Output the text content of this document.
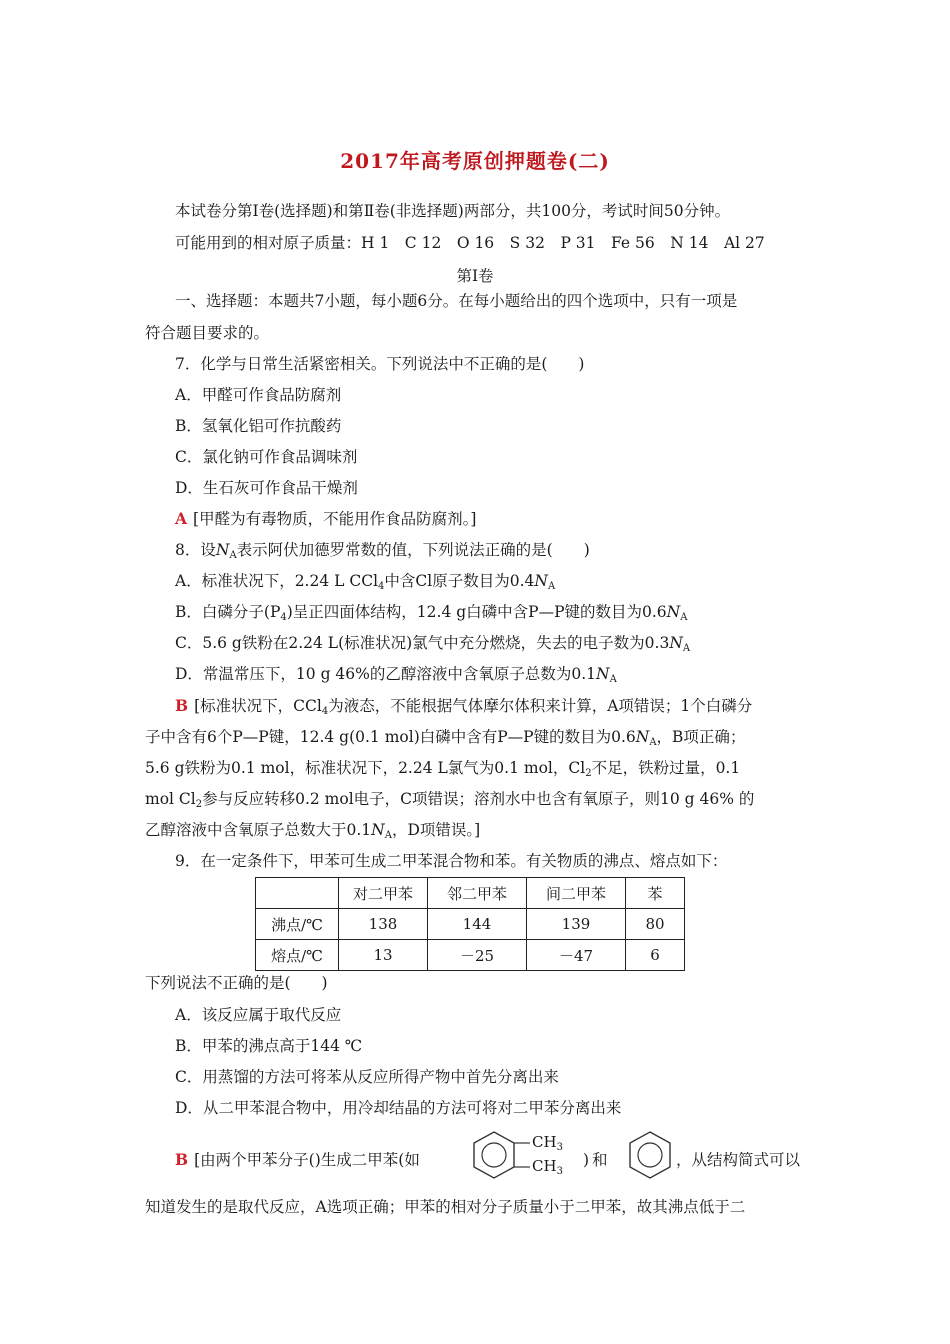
2017年高考原创押题卷(二)
本试卷分第Ⅰ卷(选择题)和第Ⅱ卷(非选择题)两部分，共100分，考试时间50分钟。
可能用到的相对原子质量：H 1　C 12　O 16　S 32　P 31　Fe 56　N 14　Al 27
第Ⅰ卷
一、选择题：本题共7小题，每小题6分。在每小题给出的四个选项中，只有一项是
符合题目要求的。
7．化学与日常生活紧密相关。下列说法中不正确的是(　　)
A．甲醛可作食品防腐剂
B．氢氧化铝可作抗酸药
C．氯化钠可作食品调味剂
D．生石灰可作食品干燥剂
A [甲醛为有毒物质，不能用作食品防腐剂。]
8．设$N_A$表示阿伏加德罗常数的值，下列说法正确的是(　　)
A．标准状况下，2.24 L CCl$_4$中含Cl原子数目为$0.4N_A$
B．白磷分子$(P_4)$呈正四面体结构，12.4 g白磷中含P—P键的数目为$0.6N_A$
C．5.6 g铁粉在2.24 L(标准状况)氯气中充分燃烧，失去的电子数为$0.3N_A$
D．常温常压下，10 g 46%的乙醇溶液中含氧原子总数为$0.1N_A$
B [标准状况下，CCl$_4$为液态，不能根据气体摩尔体积来计算，A项错误；1个白磷分
子中含有6个P—P键，12.4 g(0.1 mol)白磷中含有P—P键的数目为$0.6N_A$，B项正确；
5.6 g铁粉为0.1 mol，标准状况下，2.24 L氯气为0.1 mol，$Cl_2$不足，铁粉过量，0.1
mol $Cl_2$参与反应转移0.2 mol电子，C项错误；溶剂水中也含有氧原子，则10 g 46% 的
乙醇溶液中含氧原子总数大于$0.1N_A$，D项错误。]
9．在一定条件下，甲苯可生成二甲苯混合物和苯。有关物质的沸点、熔点如下：
	对二甲苯	邻二甲苯	间二甲苯	苯
沸点/℃	138	144	139	80
熔点/℃	13	－25	－47	6
下列说法不正确的是(　　)
A．该反应属于取代反应
B．甲苯的沸点高于144 ℃
C．用蒸馏的方法可将苯从反应所得产物中首先分离出来
D．从二甲苯混合物中，用冷却结晶的方法可将对二甲苯分离出来
B [由两个甲苯分子()生成二甲苯(如
$CH_3$
$CH_3$
)和	，从结构简式可以
知道发生的是取代反应，A选项正确；甲苯的相对分子质量小于二甲苯，故其沸点低于二
